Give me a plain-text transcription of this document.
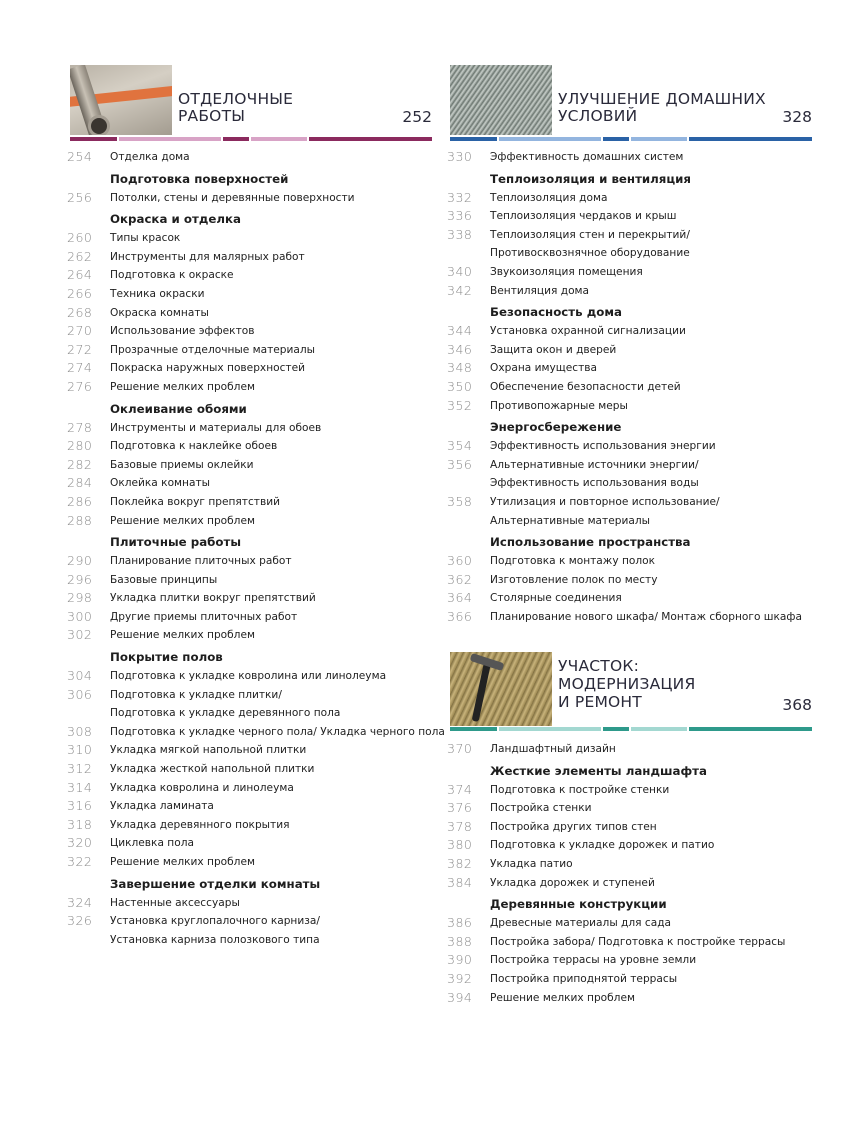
ОТДЕЛОЧНЫЕ
РАБОТЫ	252
254 Отделка дома
Подготовка поверхностей
256 Потолки, стены и деревянные поверхности
Окраска и отделка
260 Типы красок
262 Инструменты для малярных работ
264 Подготовка к окраске
266 Техника окраски
268 Окраска комнаты
270 Использование эффектов
272 Прозрачные отделочные материалы
274 Покраска наружных поверхностей
276 Решение мелких проблем
Оклеивание обоями
278 Инструменты и материалы для обоев
280 Подготовка к наклейке обоев
282 Базовые приемы оклейки
284 Оклейка комнаты
286 Поклейка вокруг препятствий
288 Решение мелких проблем
Плиточные работы
290 Планирование плиточных работ
296 Базовые принципы
298 Укладка плитки вокруг препятствий
300 Другие приемы плиточных работ
302 Решение мелких проблем
Покрытие полов
304 Подготовка к укладке ковролина или линолеума
306 Подготовка к укладке плитки/
Подготовка к укладке деревянного пола
308 Подготовка к укладке черного пола/ Укладка черного пола
310 Укладка мягкой напольной плитки
312 Укладка жесткой напольной плитки
314 Укладка ковролина и линолеума
316 Укладка ламината
318 Укладка деревянного покрытия
320 Циклевка пола
322 Решение мелких проблем
Завершение отделки комнаты
324 Настенные аксессуары
326 Установка круглопалочного карниза/
Установка карниза полозкового типа
УЛУЧШЕНИЕ ДОМАШНИХ
УСЛОВИЙ	328
330 Эффективность домашних систем
Теплоизоляция и вентиляция
332 Теплоизоляция дома
336 Теплоизоляция чердаков и крыш
338 Теплоизоляция стен и перекрытий/
Противосквознячное оборудование
340 Звукоизоляция помещения
342 Вентиляция дома
Безопасность дома
344 Установка охранной сигнализации
346 Защита окон и дверей
348 Охрана имущества
350 Обеспечение безопасности детей
352 Противопожарные меры
Энергосбережение
354 Эффективность использования энергии
356 Альтернативные источники энергии/
Эффективность использования воды
358 Утилизация и повторное использование/
Альтернативные материалы
Использование пространства
360 Подготовка к монтажу полок
362 Изготовление полок по месту
364 Столярные соединения
366 Планирование нового шкафа/ Монтаж сборного шкафа
УЧАСТОК:
МОДЕРНИЗАЦИЯ
И РЕМОНТ	368
370 Ландшафтный дизайн
Жесткие элементы ландшафта
374 Подготовка к постройке стенки
376 Постройка стенки
378 Постройка других типов стен
380 Подготовка к укладке дорожек и патио
382 Укладка патио
384 Укладка дорожек и ступеней
Деревянные конструкции
386 Древесные материалы для сада
388 Постройка забора/ Подготовка к постройке террасы
390 Постройка террасы на уровне земли
392 Постройка приподнятой террасы
394 Решение мелких проблем
